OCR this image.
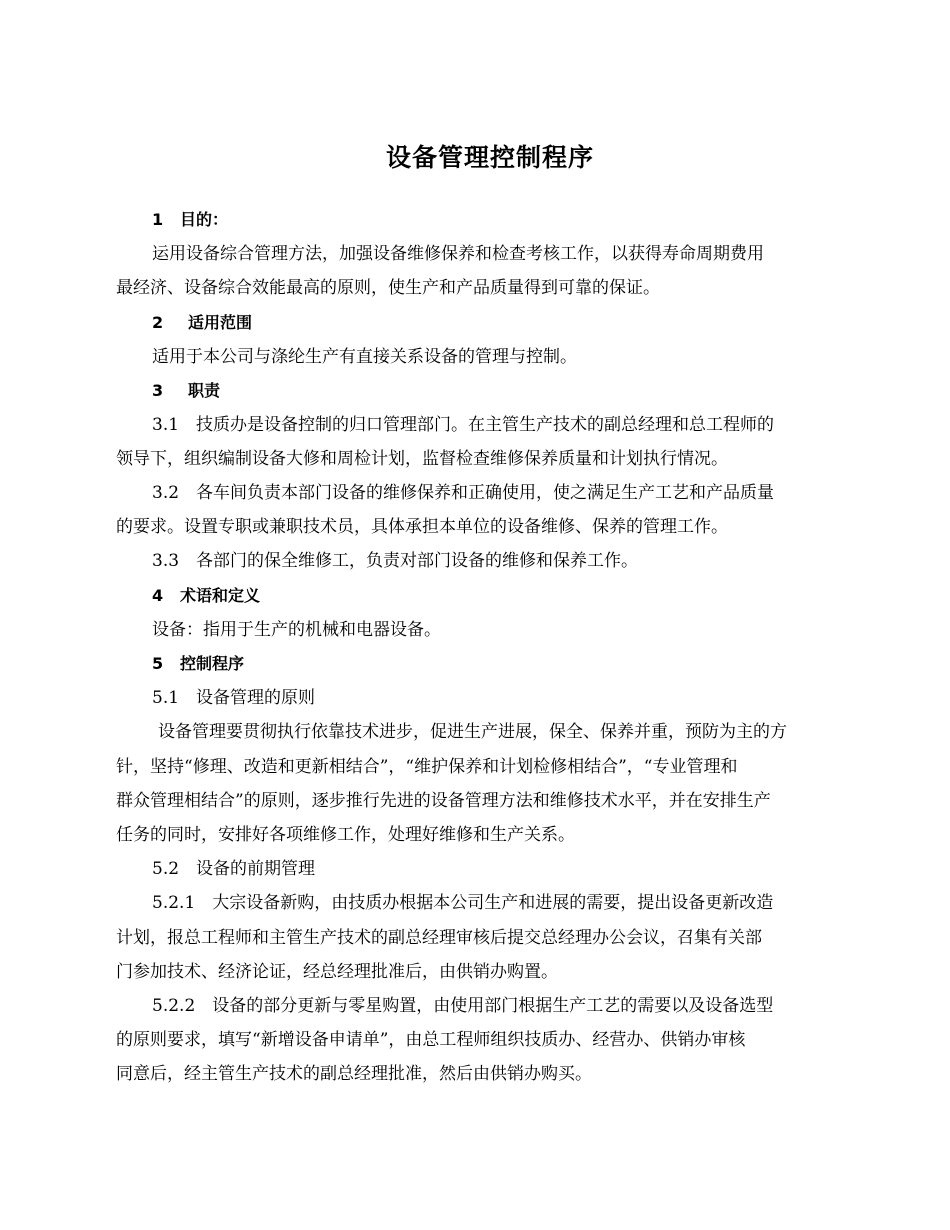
设备管理控制程序
1 目的：
运用设备综合管理方法，加强设备维修保养和检查考核工作，以获得寿命周期费用
最经济、设备综合效能最高的原则，使生产和产品质量得到可靠的保证。
2 适用范围
适用于本公司与涤纶生产有直接关系设备的管理与控制。
3 职责
3.1　技质办是设备控制的归口管理部门。在主管生产技术的副总经理和总工程师的
领导下，组织编制设备大修和周检计划，监督检查维修保养质量和计划执行情况。
3.2　各车间负责本部门设备的维修保养和正确使用，使之满足生产工艺和产品质量
的要求。设置专职或兼职技术员，具体承担本单位的设备维修、保养的管理工作。
3.3　各部门的保全维修工，负责对部门设备的维修和保养工作。
4 术语和定义
设备：指用于生产的机械和电器设备。
5 控制程序
5.1　设备管理的原则
设备管理要贯彻执行依靠技术进步，促进生产进展，保全、保养并重，预防为主的方
针，坚持“修理、改造和更新相结合”，“维护保养和计划检修相结合”，“专业管理和
群众管理相结合”的原则，逐步推行先进的设备管理方法和维修技术水平，并在安排生产
任务的同时，安排好各项维修工作，处理好维修和生产关系。
5.2　设备的前期管理
5.2.1　大宗设备新购，由技质办根据本公司生产和进展的需要，提出设备更新改造
计划，报总工程师和主管生产技术的副总经理审核后提交总经理办公会议，召集有关部
门参加技术、经济论证，经总经理批准后，由供销办购置。
5.2.2　设备的部分更新与零星购置，由使用部门根据生产工艺的需要以及设备选型
的原则要求，填写“新增设备申请单”，由总工程师组织技质办、经营办、供销办审核
同意后，经主管生产技术的副总经理批准，然后由供销办购买。
